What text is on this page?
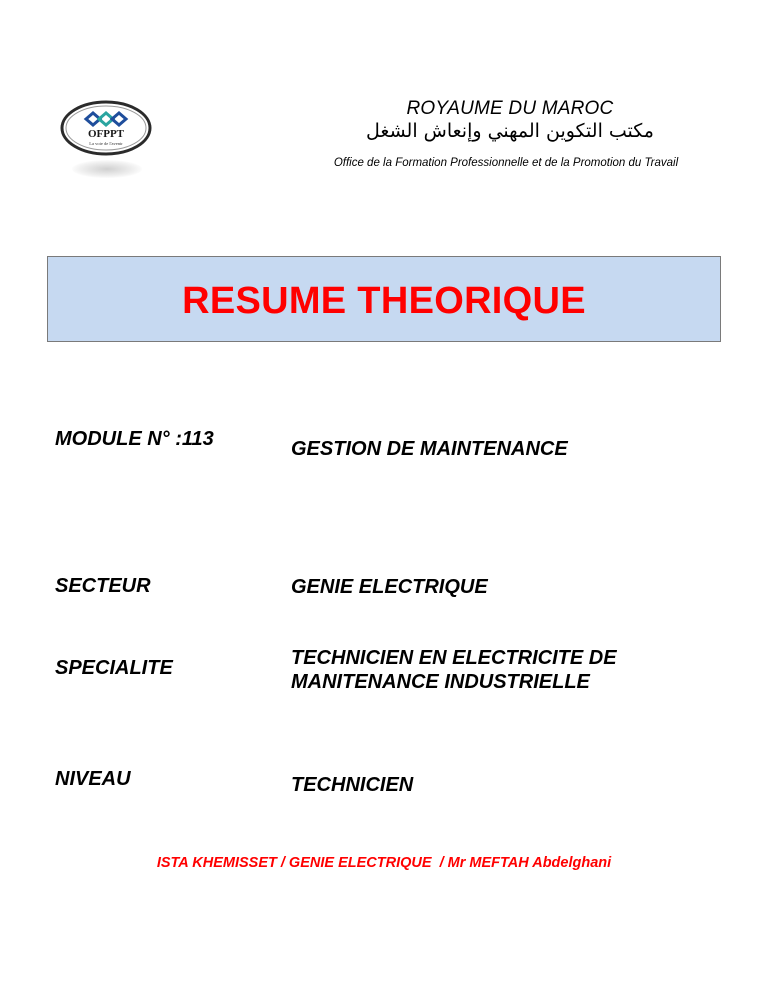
OFPPT
La voie de l'avenir
ROYAUME DU MAROC
مكتب التكوين المهني وإنعاش الشغل
Office de la Formation Professionnelle et de la Promotion du Travail
RESUME THEORIQUE
MODULE N° :113	GESTION DE MAINTENANCE
SECTEUR	GENIE ELECTRIQUE
SPECIALITE	TECHNICIEN EN ELECTRICITE DE
MANITENANCE INDUSTRIELLE
NIVEAU	TECHNICIEN
ISTA KHEMISSET / GENIE ELECTRIQUE  / Mr MEFTAH Abdelghani
